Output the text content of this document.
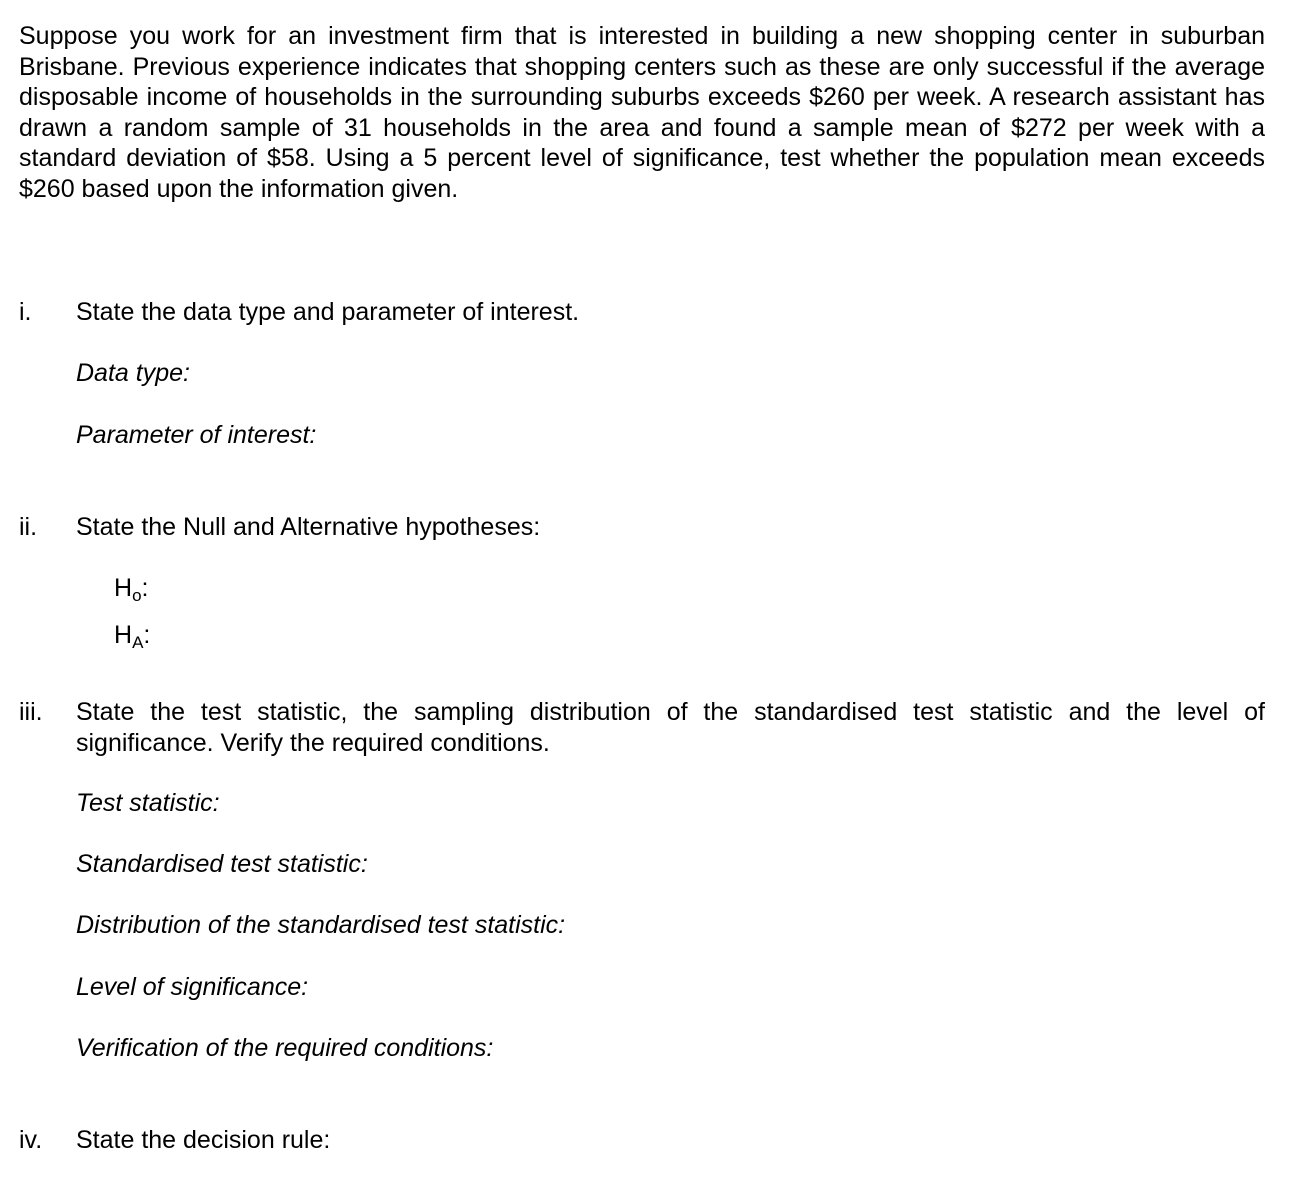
Suppose you work for an investment firm that is interested in building a new shopping center in suburban Brisbane. Previous experience indicates that shopping centers such as these are only successful if the average disposable income of households in the surrounding suburbs exceeds $260 per week. A research assistant has drawn a random sample of 31 households in the area and found a sample mean of $272 per week with a standard deviation of $58. Using a 5 percent level of significance, test whether the population mean exceeds $260 based upon the information given.

i. State the data type and parameter of interest.

Data type:
Parameter of interest:
ii. State the Null and Alternative hypotheses:

$H_o$:
$H_A$:
iii. State the test statistic, the sampling distribution of the standardised test statistic and the level of significance. Verify the required conditions.

Test statistic:
Standardised test statistic:
Distribution of the standardised test statistic:
Level of significance:
Verification of the required conditions:
iv. State the decision rule:
